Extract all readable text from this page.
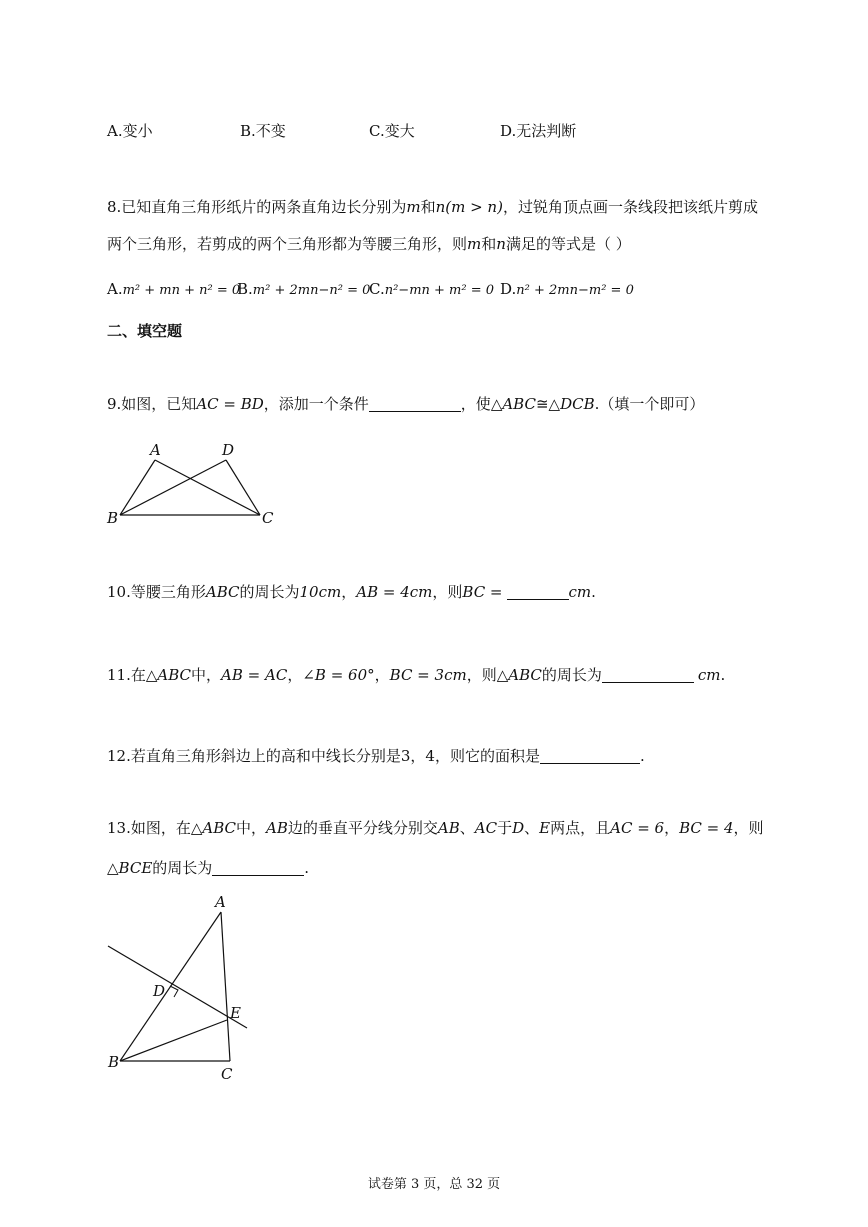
A.变小	B.不变	C.变大	D.无法判断
8.已知直角三角形纸片的两条直角边长分别为m和n(m > n)，过锐角顶点画一条线段把该纸片剪成
两个三角形，若剪成的两个三角形都为等腰三角形，则m和n满足的等式是（ ）
A.m² + mn + n² = 0
B.m² + 2mn−n² = 0
C.n²−mn + m² = 0 D.n² + 2mn−m² = 0
二、填空题
9.如图，已知AC = BD，添加一个条件	，使△ABC≅△DCB.（填一个即可）
A	D
B	C
10.等腰三角形ABC的周长为10cm，AB = 4cm，则BC =	cm.
11.在△ABC中，AB = AC，∠B = 60°，BC = 3cm，则△ABC的周长为	cm.
12.若直角三角形斜边上的高和中线长分别是3，4，则它的面积是	.
13.如图，在△ABC中，AB边的垂直平分线分别交AB、AC于D、E两点，且AC = 6，BC = 4，则
△BCE的周长为	.
A
D
E
B
C
试卷第 3 页，总 32 页
